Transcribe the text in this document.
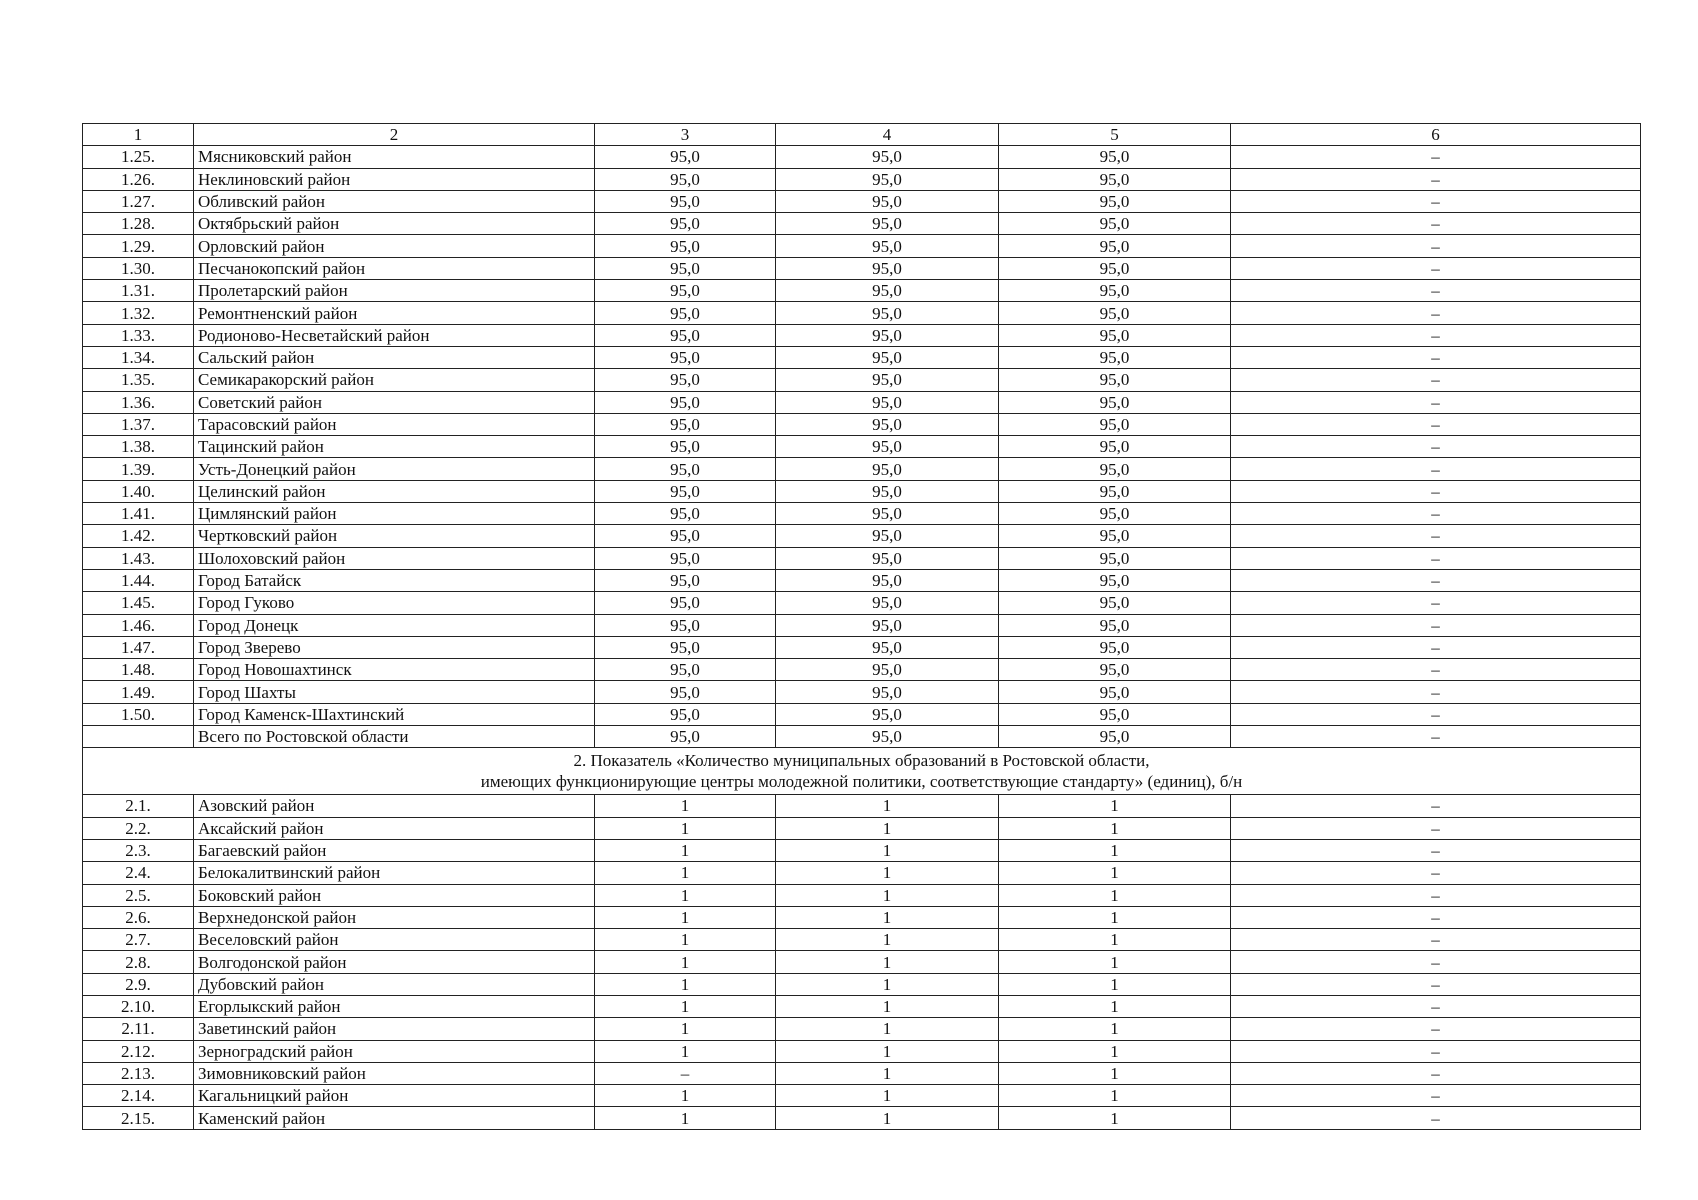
1	2	3	4	5	6
1.25.	Мясниковский район	95,0	95,0	95,0	–
1.26.	Неклиновский район	95,0	95,0	95,0	–
1.27.	Обливский район	95,0	95,0	95,0	–
1.28.	Октябрьский район	95,0	95,0	95,0	–
1.29.	Орловский район	95,0	95,0	95,0	–
1.30.	Песчанокопский район	95,0	95,0	95,0	–
1.31.	Пролетарский район	95,0	95,0	95,0	–
1.32.	Ремонтненский район	95,0	95,0	95,0	–
1.33.	Родионово-Несветайский район	95,0	95,0	95,0	–
1.34.	Сальский район	95,0	95,0	95,0	–
1.35.	Семикаракорский район	95,0	95,0	95,0	–
1.36.	Советский район	95,0	95,0	95,0	–
1.37.	Тарасовский район	95,0	95,0	95,0	–
1.38.	Тацинский район	95,0	95,0	95,0	–
1.39.	Усть-Донецкий район	95,0	95,0	95,0	–
1.40.	Целинский район	95,0	95,0	95,0	–
1.41.	Цимлянский район	95,0	95,0	95,0	–
1.42.	Чертковский район	95,0	95,0	95,0	–
1.43.	Шолоховский район	95,0	95,0	95,0	–
1.44.	Город Батайск	95,0	95,0	95,0	–
1.45.	Город Гуково	95,0	95,0	95,0	–
1.46.	Город Донецк	95,0	95,0	95,0	–
1.47.	Город Зверево	95,0	95,0	95,0	–
1.48.	Город Новошахтинск	95,0	95,0	95,0	–
1.49.	Город Шахты	95,0	95,0	95,0	–
1.50.	Город Каменск-Шахтинский	95,0	95,0	95,0	–
	Всего по Ростовской области	95,0	95,0	95,0	–

2. Показатель «Количество муниципальных образований в Ростовской области,
имеющих функционирующие центры молодежной политики, соответствующие стандарту» (единиц), б/н					

2.1.	Азовский район	1	1	1	–
2.2.	Аксайский район	1	1	1	–
2.3.	Багаевский район	1	1	1	–
2.4.	Белокалитвинский район	1	1	1	–
2.5.	Боковский район	1	1	1	–
2.6.	Верхнедонской район	1	1	1	–
2.7.	Веселовский район	1	1	1	–
2.8.	Волгодонской район	1	1	1	–
2.9.	Дубовский район	1	1	1	–
2.10.	Егорлыкский район	1	1	1	–
2.11.	Заветинский район	1	1	1	–
2.12.	Зерноградский район	1	1	1	–
2.13.	Зимовниковский район	–	1	1	–
2.14.	Кагальницкий район	1	1	1	–
2.15.	Каменский район	1	1	1	–
